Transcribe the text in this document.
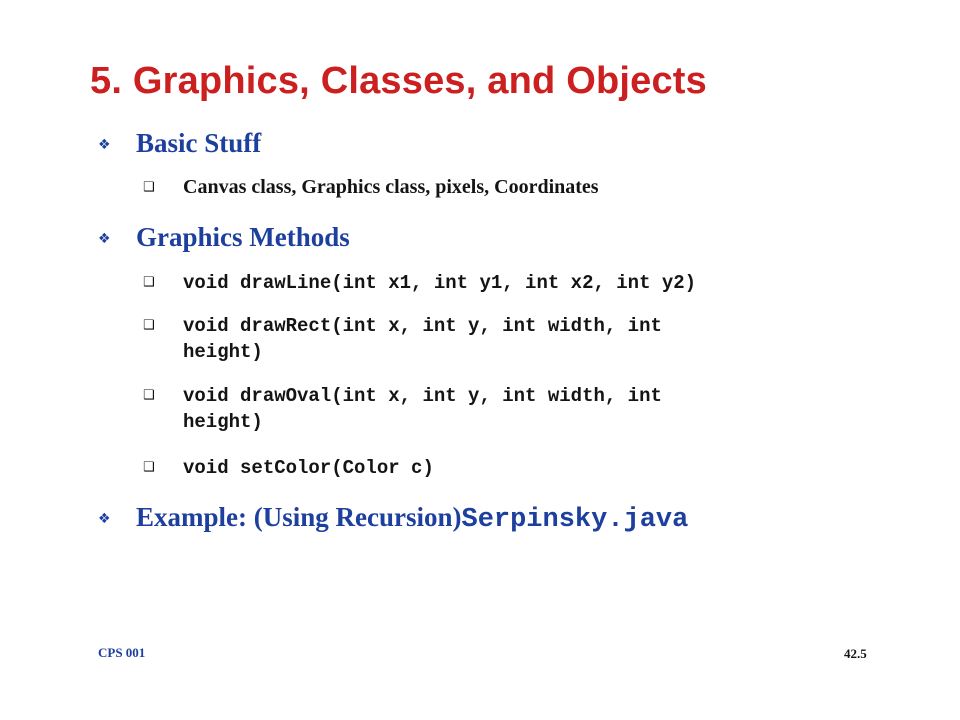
5. Graphics, Classes, and Objects
❖ Basic Stuff
❑	Canvas class, Graphics class, pixels, Coordinates
❖ Graphics Methods
❑	void drawLine(int x1, int y1, int x2, int y2)
❑	void drawRect(int x, int y, int width, int
height)
❑	void drawOval(int x, int y, int width, int
height)
❑	void setColor(Color c)
❖ Example: (Using Recursion) Serpinsky.java
CPS 001	42.5
